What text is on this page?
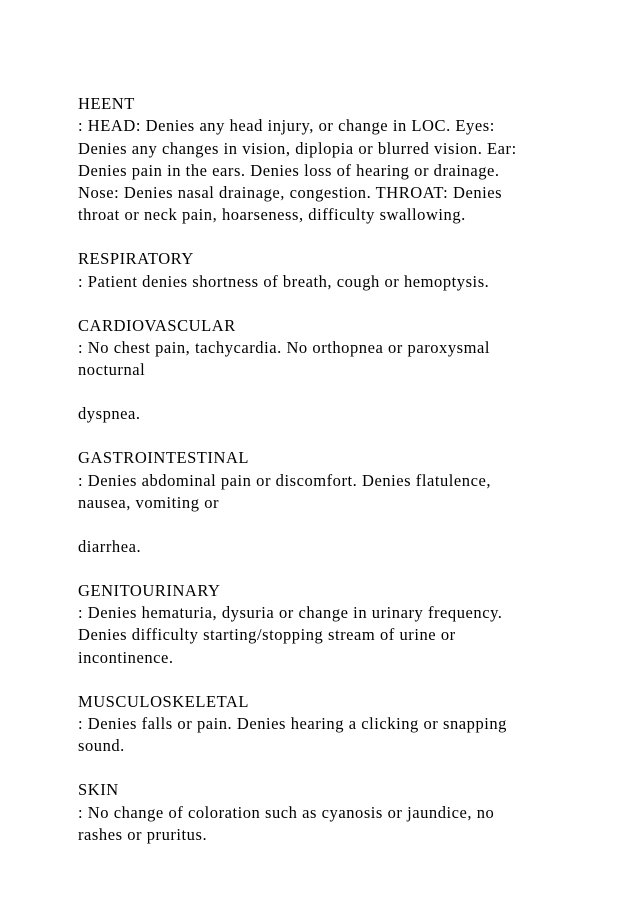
HEENT
: HEAD: Denies any head injury, or change in LOC. Eyes:
Denies any changes in vision, diplopia or blurred vision. Ear:
Denies pain in the ears. Denies loss of hearing or drainage.
Nose: Denies nasal drainage, congestion. THROAT: Denies
throat or neck pain, hoarseness, difficulty swallowing.
RESPIRATORY
: Patient denies shortness of breath, cough or hemoptysis.
CARDIOVASCULAR
: No chest pain, tachycardia. No orthopnea or paroxysmal
nocturnal
dyspnea.
GASTROINTESTINAL
: Denies abdominal pain or discomfort. Denies flatulence,
nausea, vomiting or
diarrhea.
GENITOURINARY
: Denies hematuria, dysuria or change in urinary frequency.
Denies difficulty starting/stopping stream of urine or
incontinence.
MUSCULOSKELETAL
: Denies falls or pain. Denies hearing a clicking or snapping
sound.
SKIN
: No change of coloration such as cyanosis or jaundice, no
rashes or pruritus.
